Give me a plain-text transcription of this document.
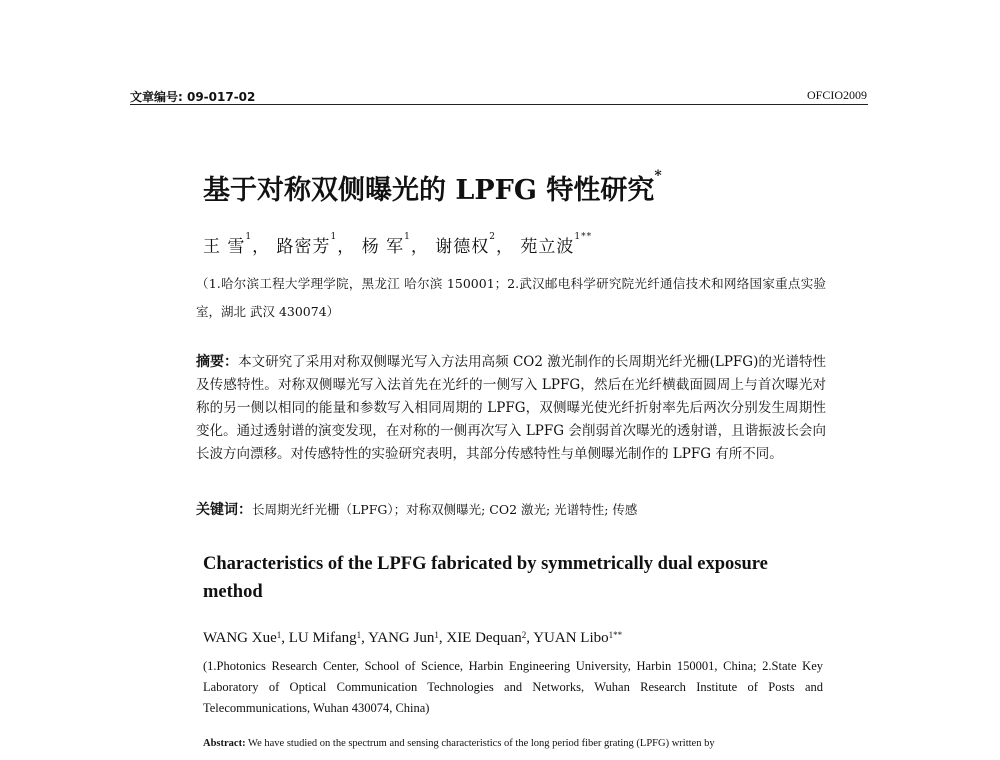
文章编号: 09-017-02	OFCIO2009
基于对称双侧曝光的 LPFG 特性研究*
王 雪$^1$， 路密芳$^1$， 杨 军$^1$， 谢德权$^2$， 苑立波$^{1**}$
（1.哈尔滨工程大学理学院，黑龙江 哈尔滨 150001；2.武汉邮电科学研究院光纤通信技术和网络国家重点实验室，湖北 武汉 430074）
摘要：本文研究了采用对称双侧曝光写入方法用高频 CO2 激光制作的长周期光纤光栅(LPFG)的光谱特性及传感特性。对称双侧曝光写入法首先在光纤的一侧写入 LPFG，然后在光纤横截面圆周上与首次曝光对称的另一侧以相同的能量和参数写入相同周期的 LPFG，双侧曝光使光纤折射率先后两次分别发生周期性变化。通过透射谱的演变发现，在对称的一侧再次写入 LPFG 会削弱首次曝光的透射谱，且谐振波长会向长波方向漂移。对传感特性的实验研究表明，其部分传感特性与单侧曝光制作的 LPFG 有所不同。
关键词：长周期光纤光栅（LPFG）；对称双侧曝光; CO2 激光; 光谱特性; 传感
Characteristics of the LPFG fabricated by symmetrically dual exposure method
WANG Xue$^1$, LU Mifang$^1$, YANG Jun$^1$, XIE Dequan$^2$, YUAN Libo$^{1**}$
(1.Photonics Research Center, School of Science, Harbin Engineering University, Harbin 150001, China; 2.State Key Laboratory of Optical Communication Technologies and Networks, Wuhan Research Institute of Posts and Telecommunications, Wuhan 430074, China)
Abstract: We have studied on the spectrum and sensing characteristics of the long period fiber grating (LPFG) written by
